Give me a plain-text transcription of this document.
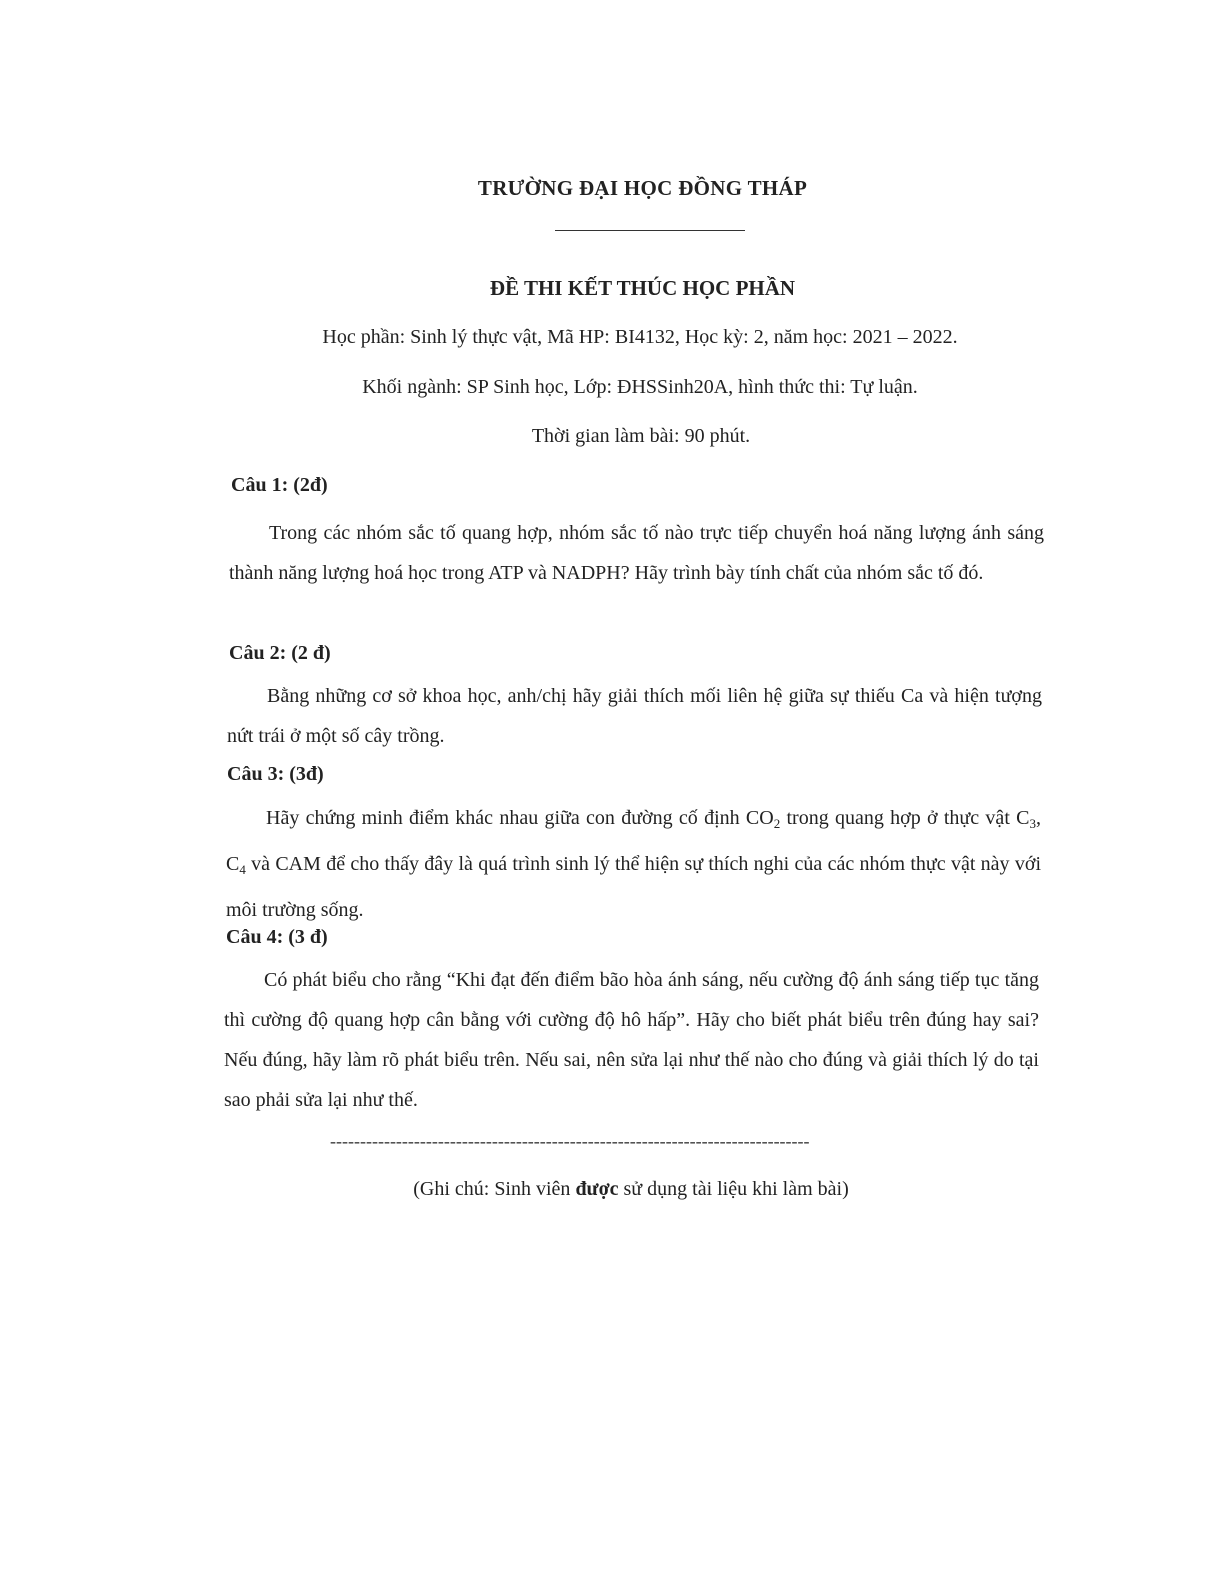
TRƯỜNG ĐẠI HỌC ĐỒNG THÁP
ĐỀ THI KẾT THÚC HỌC PHẦN
Học phần: Sinh lý thực vật, Mã HP: BI4132, Học kỳ: 2, năm học: 2021 – 2022.
Khối ngành: SP Sinh học, Lớp: ĐHSSinh20A, hình thức thi: Tự luận.
Thời gian làm bài: 90 phút.
Câu 1: (2đ)
Trong các nhóm sắc tố quang hợp, nhóm sắc tố nào trực tiếp chuyển hoá năng lượng ánh sáng thành năng lượng hoá học trong ATP và NADPH? Hãy trình bày tính chất của nhóm sắc tố đó.
Câu 2: (2 đ)
Bằng những cơ sở khoa học, anh/chị hãy giải thích mối liên hệ giữa sự thiếu Ca và hiện tượng nứt trái ở một số cây trồng.
Câu 3: (3đ)
Hãy chứng minh điểm khác nhau giữa con đường cố định $CO_2$ trong quang hợp ở thực vật $C_3$, $C_4$ và CAM để cho thấy đây là quá trình sinh lý thể hiện sự thích nghi của các nhóm thực vật này với môi trường sống.
Câu 4: (3 đ)
Có phát biểu cho rằng “Khi đạt đến điểm bão hòa ánh sáng, nếu cường độ ánh sáng tiếp tục tăng thì cường độ quang hợp cân bằng với cường độ hô hấp”. Hãy cho biết phát biểu trên đúng hay sai? Nếu đúng, hãy làm rõ phát biểu trên. Nếu sai, nên sửa lại như thế nào cho đúng và giải thích lý do tại sao phải sửa lại như thế.
--------------------------------------------------------------------------------
(Ghi chú: Sinh viên được sử dụng tài liệu khi làm bài)
